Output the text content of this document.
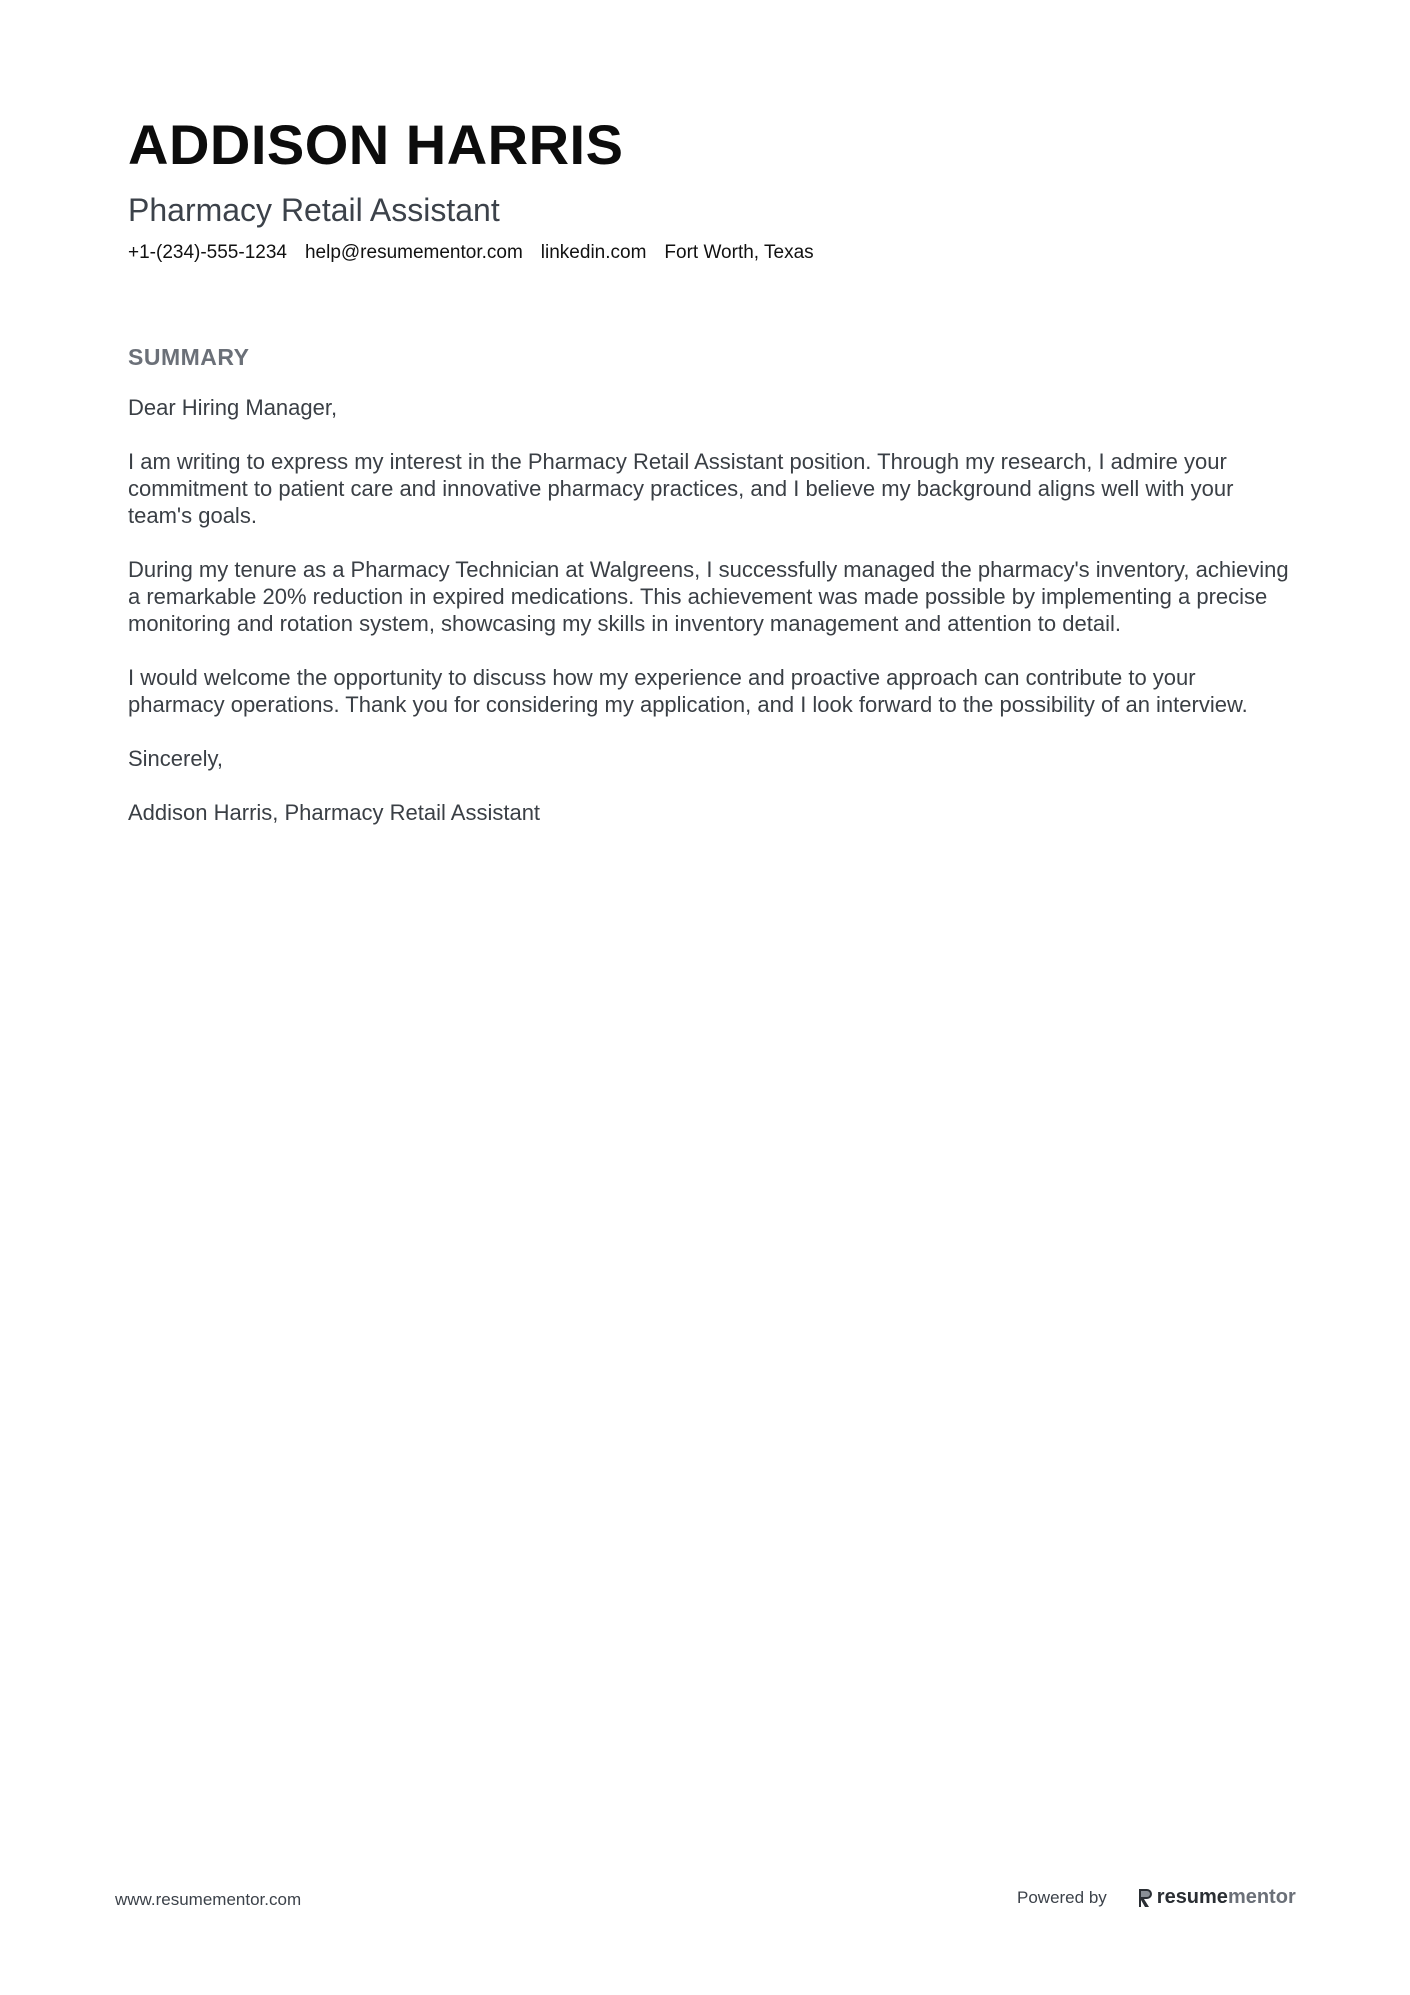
ADDISON HARRIS
Pharmacy Retail Assistant
+1-(234)-555-1234 help@resumementor.com linkedin.com Fort Worth, Texas
SUMMARY

Dear Hiring Manager,

I am writing to express my interest in the Pharmacy Retail Assistant position. Through my research, I admire your commitment to patient care and innovative pharmacy practices, and I believe my background aligns well with your team's goals.

During my tenure as a Pharmacy Technician at Walgreens, I successfully managed the pharmacy's inventory, achieving a remarkable 20% reduction in expired medications. This achievement was made possible by implementing a precise monitoring and rotation system, showcasing my skills in inventory management and attention to detail.

I would welcome the opportunity to discuss how my experience and proactive approach can contribute to your pharmacy operations. Thank you for considering my application, and I look forward to the possibility of an interview.

Sincerely,

Addison Harris, Pharmacy Retail Assistant

www.resumementor.com	Powered by	resume mentor
